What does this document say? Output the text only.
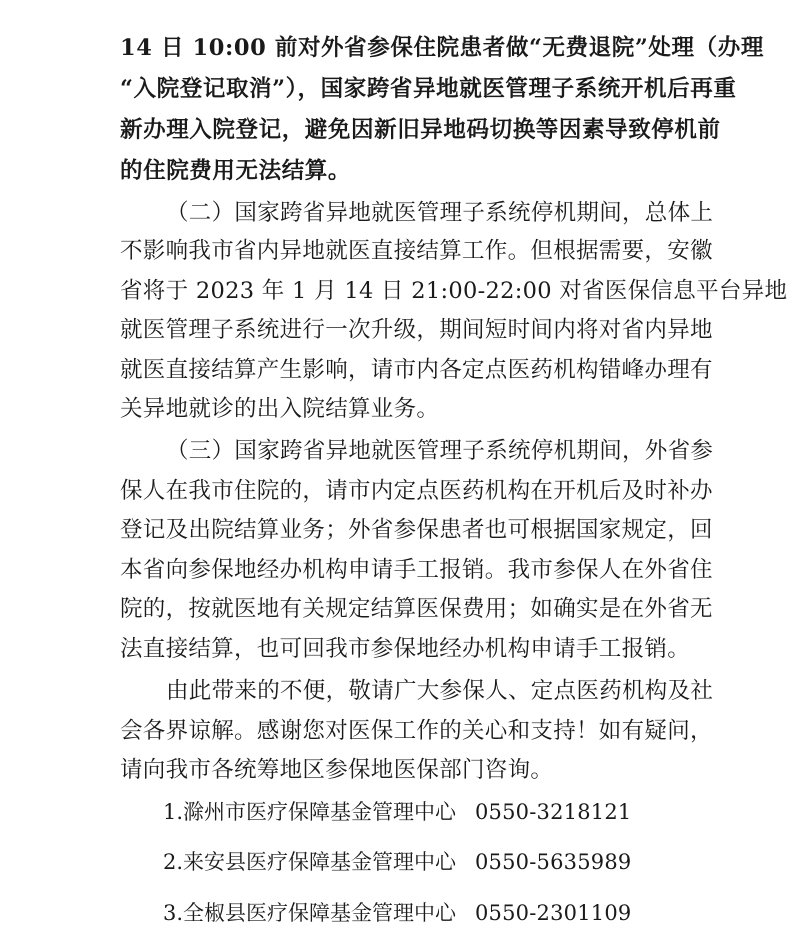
14 日 10:00 前对外省参保住院患者做“无费退院”处理（办理
“入院登记取消”），国家跨省异地就医管理子系统开机后再重
新办理入院登记，避免因新旧异地码切换等因素导致停机前
的住院费用无法结算。
（二）国家跨省异地就医管理子系统停机期间，总体上
不影响我市省内异地就医直接结算工作。但根据需要，安徽
省将于 2023 年 1 月 14 日 21:00-22:00 对省医保信息平台异地
就医管理子系统进行一次升级，期间短时间内将对省内异地
就医直接结算产生影响，请市内各定点医药机构错峰办理有
关异地就诊的出入院结算业务。
（三）国家跨省异地就医管理子系统停机期间，外省参
保人在我市住院的，请市内定点医药机构在开机后及时补办
登记及出院结算业务；外省参保患者也可根据国家规定，回
本省向参保地经办机构申请手工报销。我市参保人在外省住
院的，按就医地有关规定结算医保费用；如确实是在外省无
法直接结算，也可回我市参保地经办机构申请手工报销。
由此带来的不便，敬请广大参保人、定点医药机构及社
会各界谅解。感谢您对医保工作的关心和支持！如有疑问，
请向我市各统筹地区参保地医保部门咨询。
1.滁州市医疗保障基金管理中心 0550-3218121
2.来安县医疗保障基金管理中心 0550-5635989
3.全椒县医疗保障基金管理中心 0550-2301109
